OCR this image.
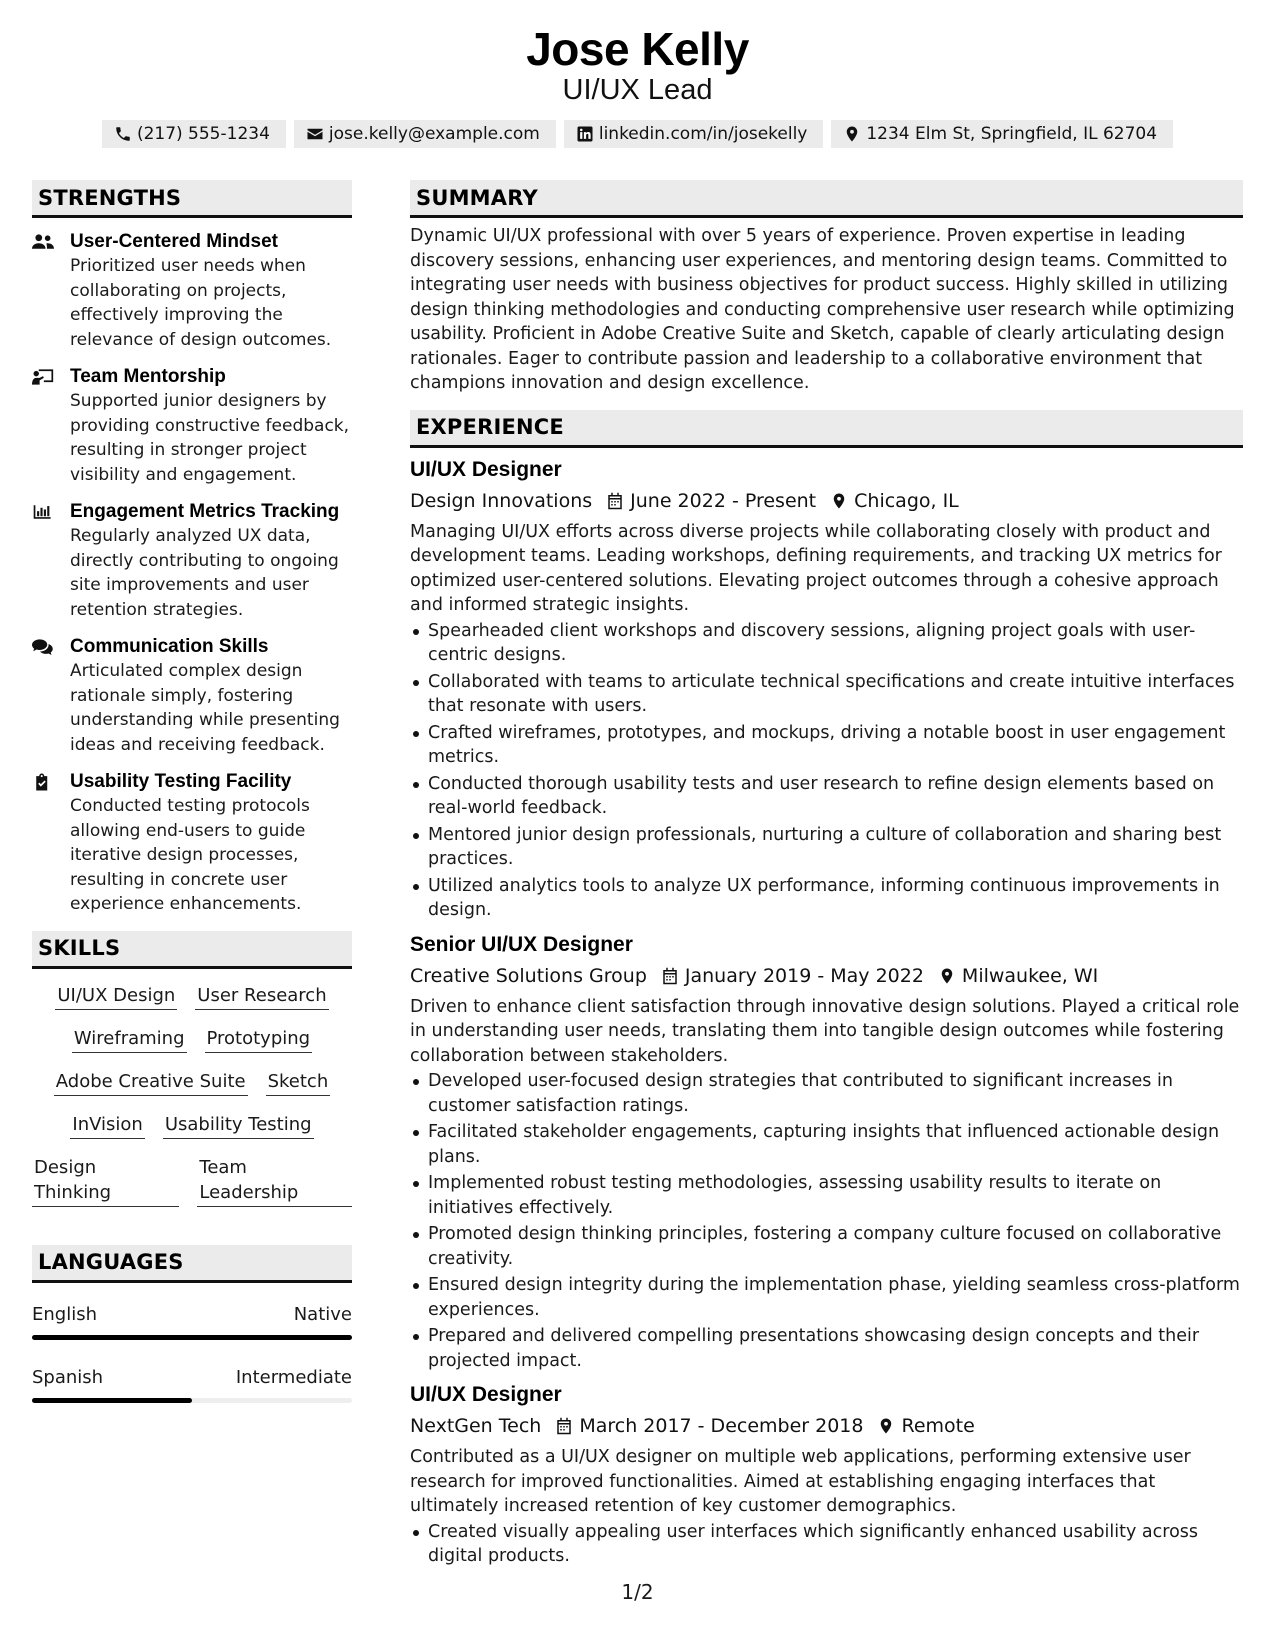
Jose Kelly
UI/UX Lead
(217) 555-1234	jose.kelly@example.com	linkedin.com/in/josekelly	1234 Elm St, Springfield, IL 62704
STRENGTHS
User-Centered Mindset
Prioritized user needs when collaborating on projects, effectively improving the relevance of design outcomes.
Team Mentorship
Supported junior designers by providing constructive feedback, resulting in stronger project visibility and engagement.
Engagement Metrics Tracking
Regularly analyzed UX data, directly contributing to ongoing site improvements and user retention strategies.
Communication Skills
Articulated complex design rationale simply, fostering understanding while presenting ideas and receiving feedback.
Usability Testing Facility
Conducted testing protocols allowing end-users to guide iterative design processes, resulting in concrete user experience enhancements.
SKILLS
UI/UX Design User Research
Wireframing Prototyping
Adobe Creative Suite Sketch
InVision Usability Testing
Design Thinking
Team Leadership
LANGUAGES
English	Native
Spanish	Intermediate
SUMMARY
Dynamic UI/UX professional with over 5 years of experience. Proven expertise in leading discovery sessions, enhancing user experiences, and mentoring design teams. Committed to integrating user needs with business objectives for product success. Highly skilled in utilizing design thinking methodologies and conducting comprehensive user research while optimizing usability. Proficient in Adobe Creative Suite and Sketch, capable of clearly articulating design rationales. Eager to contribute passion and leadership to a collaborative environment that champions innovation and design excellence.
EXPERIENCE
UI/UX Designer
Design Innovations June 2022 - Present Chicago, IL
Managing UI/UX efforts across diverse projects while collaborating closely with product and development teams. Leading workshops, defining requirements, and tracking UX metrics for optimized user-centered solutions. Elevating project outcomes through a cohesive approach and informed strategic insights.
Spearheaded client workshops and discovery sessions, aligning project goals with user-centric designs.
Collaborated with teams to articulate technical specifications and create intuitive interfaces that resonate with users.
Crafted wireframes, prototypes, and mockups, driving a notable boost in user engagement metrics.
Conducted thorough usability tests and user research to refine design elements based on real-world feedback.
Mentored junior design professionals, nurturing a culture of collaboration and sharing best practices.
Utilized analytics tools to analyze UX performance, informing continuous improvements in design.
Senior UI/UX Designer
Creative Solutions Group January 2019 - May 2022 Milwaukee, WI
Driven to enhance client satisfaction through innovative design solutions. Played a critical role in understanding user needs, translating them into tangible design outcomes while fostering collaboration between stakeholders.
Developed user-focused design strategies that contributed to significant increases in customer satisfaction ratings.
Facilitated stakeholder engagements, capturing insights that influenced actionable design plans.
Implemented robust testing methodologies, assessing usability results to iterate on initiatives effectively.
Promoted design thinking principles, fostering a company culture focused on collaborative creativity.
Ensured design integrity during the implementation phase, yielding seamless cross-platform experiences.
Prepared and delivered compelling presentations showcasing design concepts and their projected impact.
UI/UX Designer
NextGen Tech March 2017 - December 2018 Remote
Contributed as a UI/UX designer on multiple web applications, performing extensive user research for improved functionalities. Aimed at establishing engaging interfaces that ultimately increased retention of key customer demographics.
Created visually appealing user interfaces which significantly enhanced usability across digital products.
1/2
